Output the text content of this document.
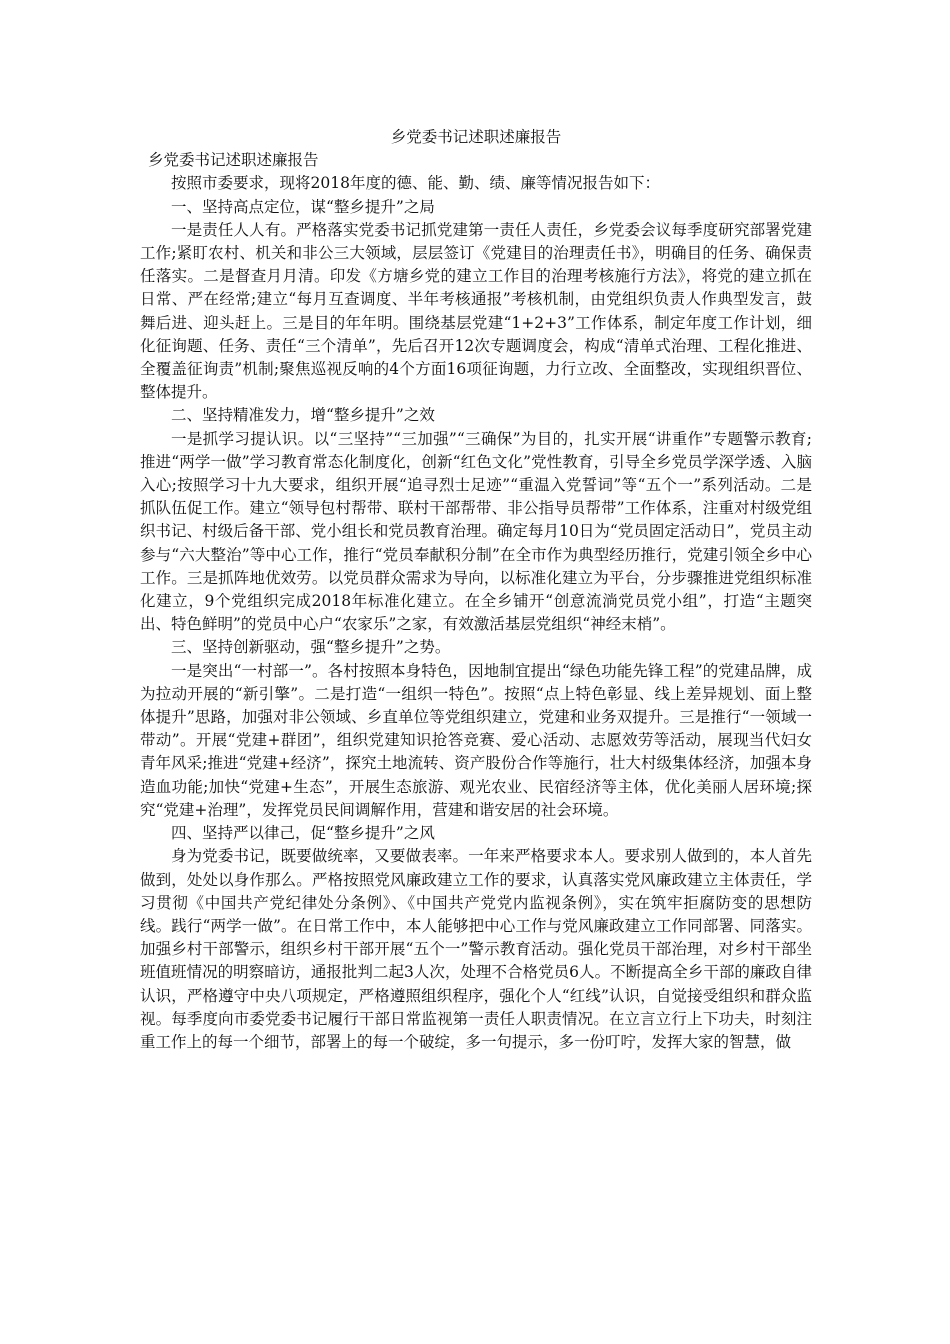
乡党委书记述职述廉报告

乡党委书记述职述廉报告

按照市委要求，现将2018年度的德、能、勤、绩、廉等情况报告如下：

一、坚持高点定位，谋“整乡提升”之局

一是责任人人有。严格落实党委书记抓党建第一责任人责任，乡党委会议每季度研究部署党建工作;紧盯农村、机关和非公三大领域，层层签订《党建目的治理责任书》，明确目的任务、确保责任落实。二是督查月月清。印发《方塘乡党的建立工作目的治理考核施行方法》，将党的建立抓在日常、严在经常;建立“每月互查调度、半年考核通报”考核机制，由党组织负责人作典型发言，鼓舞后进、迎头赶上。三是目的年年明。围绕基层党建“1+2+3”工作体系，制定年度工作计划，细化征询题、任务、责任“三个清单”，先后召开12次专题调度会，构成“清单式治理、工程化推进、全覆盖征询责”机制;聚焦巡视反响的4个方面16项征询题，力行立改、全面整改，实现组织晋位、整体提升。

二、坚持精准发力，增“整乡提升”之效

一是抓学习提认识。以“三坚持”“三加强”“三确保”为目的，扎实开展“讲重作”专题警示教育;推进“两学一做”学习教育常态化制度化，创新“红色文化”党性教育，引导全乡党员学深学透、入脑入心;按照学习十九大要求，组织开展“追寻烈士足迹”“重温入党誓词”等“五个一”系列活动。二是抓队伍促工作。建立“领导包村帮带、联村干部帮带、非公指导员帮带”工作体系，注重对村级党组织书记、村级后备干部、党小组长和党员教育治理。确定每月10日为“党员固定活动日”，党员主动参与“六大整治”等中心工作，推行“党员奉献积分制”在全市作为典型经历推行，党建引领全乡中心工作。三是抓阵地优效劳。以党员群众需求为导向，以标准化建立为平台，分步骤推进党组织标准化建立，9个党组织完成2018年标准化建立。在全乡铺开“创意流淌党员党小组”，打造“主题突出、特色鲜明”的党员中心户“农家乐”之家，有效激活基层党组织“神经末梢”。

三、坚持创新驱动，强“整乡提升”之势。

一是突出“一村部一”。各村按照本身特色，因地制宜提出“绿色功能先锋工程”的党建品牌，成为拉动开展的“新引擎”。二是打造“一组织一特色”。按照“点上特色彰显、线上差异规划、面上整体提升”思路，加强对非公领域、乡直单位等党组织建立，党建和业务双提升。三是推行“一领域一带动”。开展“党建+群团”，组织党建知识抢答竞赛、爱心活动、志愿效劳等活动，展现当代妇女青年风采;推进“党建+经济”，探究土地流转、资产股份合作等施行，壮大村级集体经济，加强本身造血功能;加快“党建+生态”，开展生态旅游、观光农业、民宿经济等主体，优化美丽人居环境;探究“党建+治理”，发挥党员民间调解作用，营建和谐安居的社会环境。

四、坚持严以律己，促“整乡提升”之风

身为党委书记，既要做统率，又要做表率。一年来严格要求本人。要求别人做到的，本人首先做到，处处以身作那么。严格按照党风廉政建立工作的要求，认真落实党风廉政建立主体责任，学习贯彻《中国共产党纪律处分条例》、《中国共产党党内监视条例》，实在筑牢拒腐防变的思想防线。践行“两学一做”。在日常工作中，本人能够把中心工作与党风廉政建立工作同部署、同落实。加强乡村干部警示，组织乡村干部开展“五个一”警示教育活动。强化党员干部治理，对乡村干部坐班值班情况的明察暗访，通报批判二起3人次，处理不合格党员6人。不断提高全乡干部的廉政自律认识，严格遵守中央八项规定，严格遵照组织程序，强化个人“红线”认识，自觉接受组织和群众监视。每季度向市委党委书记履行干部日常监视第一责任人职责情况。在立言立行上下功夫，时刻注重工作上的每一个细节，部署上的每一个破绽，多一句提示，多一份叮咛，发挥大家的智慧，做
